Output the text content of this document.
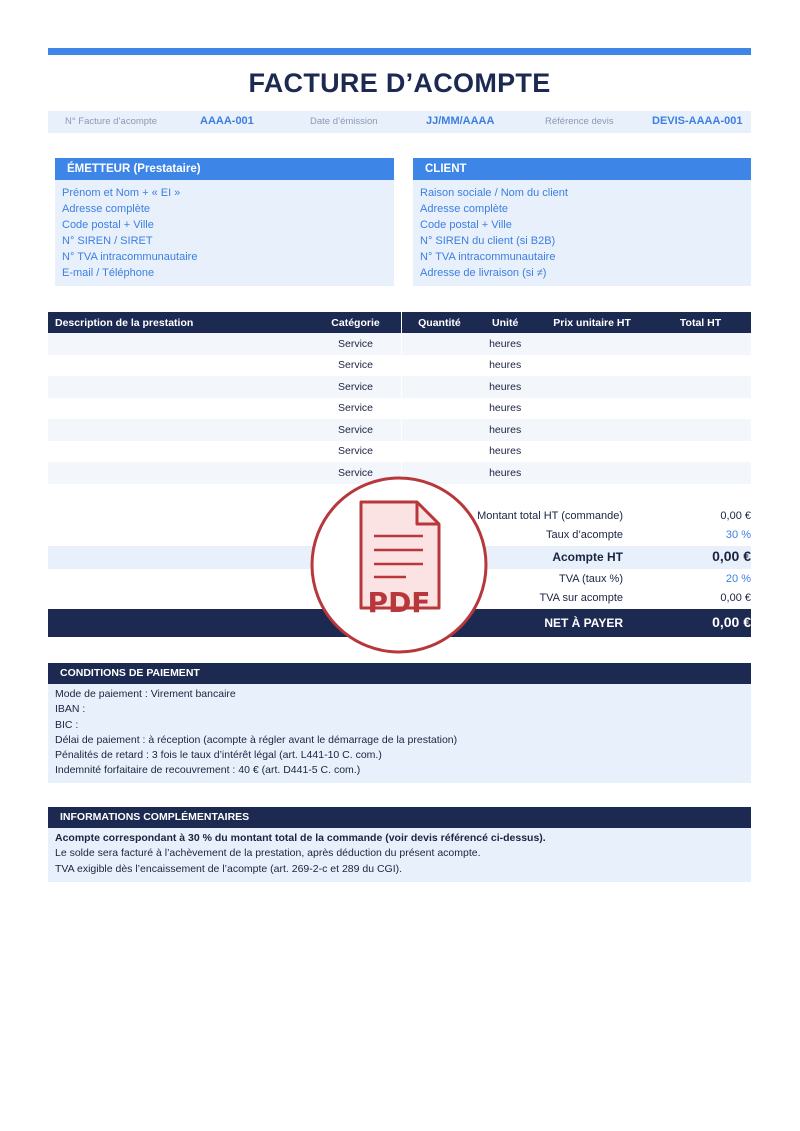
FACTURE D’ACOMPTE
N° Facture d’acompte	AAAA-001	Date d’émission	JJ/MM/AAAA	Référence devis	DEVIS-AAAA-001
ÉMETTEUR (Prestataire)
Prénom et Nom + « EI »
Adresse complète
Code postal + Ville
N° SIREN / SIRET
N° TVA intracommunautaire
E-mail / Téléphone
CLIENT
Raison sociale / Nom du client
Adresse complète
Code postal + Ville
N° SIREN du client (si B2B)
N° TVA intracommunautaire
Adresse de livraison (si ≠)
Description de la prestation	Catégorie	Quantité	Unité	Prix unitaire HT	Total HT
	Service		heures		
	Service		heures		
	Service		heures		
	Service		heures		
	Service		heures		
	Service		heures		
	Service		heures		
Montant total HT (commande)	0,00 €
Taux d’acompte	30 %
Acompte HT	0,00 €
TVA (taux %)	20 %
TVA sur acompte	0,00 €
NET À PAYER	0,00 €
CONDITIONS DE PAIEMENT
Mode de paiement : Virement bancaire
IBAN :
BIC :
Délai de paiement : à réception (acompte à régler avant le démarrage de la prestation)
Pénalités de retard : 3 fois le taux d’intérêt légal (art. L441-10 C. com.)
Indemnité forfaitaire de recouvrement : 40 € (art. D441-5 C. com.)
INFORMATIONS COMPLÉMENTAIRES
Acompte correspondant à 30 % du montant total de la commande (voir devis référencé ci-dessus).
Le solde sera facturé à l’achèvement de la prestation, après déduction du présent acompte.
TVA exigible dès l’encaissement de l’acompte (art. 269-2-c et 289 du CGI).
PDF
